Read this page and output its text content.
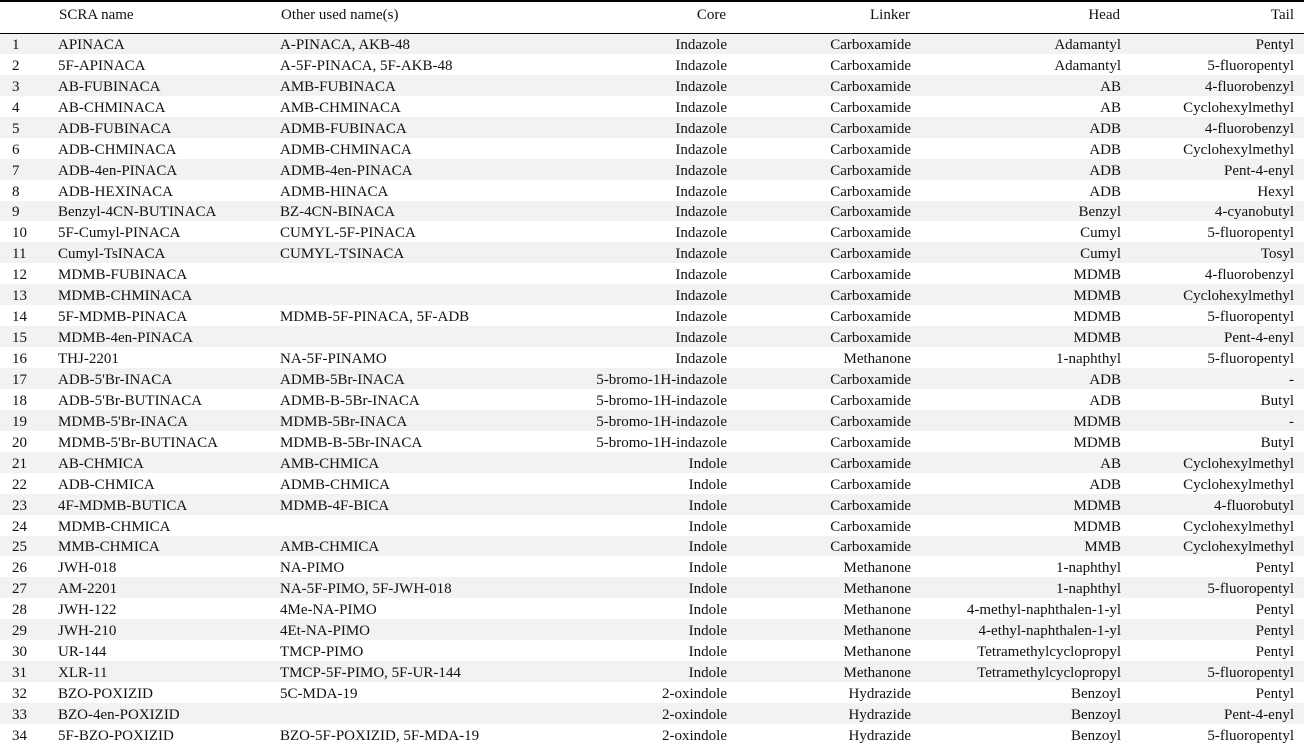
	SCRA name	Other used name(s)	Core	Linker	Head	Tail
1	APINACA	A-PINACA, AKB-48	Indazole	Carboxamide	Adamantyl	Pentyl
2	5F-APINACA	A-5F-PINACA, 5F-AKB-48	Indazole	Carboxamide	Adamantyl	5-fluoropentyl
3	AB-FUBINACA	AMB-FUBINACA	Indazole	Carboxamide	AB	4-fluorobenzyl
4	AB-CHMINACA	AMB-CHMINACA	Indazole	Carboxamide	AB	Cyclohexylmethyl
5	ADB-FUBINACA	ADMB-FUBINACA	Indazole	Carboxamide	ADB	4-fluorobenzyl
6	ADB-CHMINACA	ADMB-CHMINACA	Indazole	Carboxamide	ADB	Cyclohexylmethyl
7	ADB-4en-PINACA	ADMB-4en-PINACA	Indazole	Carboxamide	ADB	Pent-4-enyl
8	ADB-HEXINACA	ADMB-HINACA	Indazole	Carboxamide	ADB	Hexyl
9	Benzyl-4CN-BUTINACA	BZ-4CN-BINACA	Indazole	Carboxamide	Benzyl	4-cyanobutyl
10	5F-Cumyl-PINACA	CUMYL-5F-PINACA	Indazole	Carboxamide	Cumyl	5-fluoropentyl
11	Cumyl-TsINACA	CUMYL-TSINACA	Indazole	Carboxamide	Cumyl	Tosyl
12	MDMB-FUBINACA		Indazole	Carboxamide	MDMB	4-fluorobenzyl
13	MDMB-CHMINACA		Indazole	Carboxamide	MDMB	Cyclohexylmethyl
14	5F-MDMB-PINACA	MDMB-5F-PINACA, 5F-ADB	Indazole	Carboxamide	MDMB	5-fluoropentyl
15	MDMB-4en-PINACA		Indazole	Carboxamide	MDMB	Pent-4-enyl
16	THJ-2201	NA-5F-PINAMO	Indazole	Methanone	1-naphthyl	5-fluoropentyl
17	ADB-5'Br-INACA	ADMB-5Br-INACA	5-bromo-1H-indazole	Carboxamide	ADB	-
18	ADB-5'Br-BUTINACA	ADMB-B-5Br-INACA	5-bromo-1H-indazole	Carboxamide	ADB	Butyl
19	MDMB-5'Br-INACA	MDMB-5Br-INACA	5-bromo-1H-indazole	Carboxamide	MDMB	-
20	MDMB-5'Br-BUTINACA	MDMB-B-5Br-INACA	5-bromo-1H-indazole	Carboxamide	MDMB	Butyl
21	AB-CHMICA	AMB-CHMICA	Indole	Carboxamide	AB	Cyclohexylmethyl
22	ADB-CHMICA	ADMB-CHMICA	Indole	Carboxamide	ADB	Cyclohexylmethyl
23	4F-MDMB-BUTICA	MDMB-4F-BICA	Indole	Carboxamide	MDMB	4-fluorobutyl
24	MDMB-CHMICA		Indole	Carboxamide	MDMB	Cyclohexylmethyl
25	MMB-CHMICA	AMB-CHMICA	Indole	Carboxamide	MMB	Cyclohexylmethyl
26	JWH-018	NA-PIMO	Indole	Methanone	1-naphthyl	Pentyl
27	AM-2201	NA-5F-PIMO, 5F-JWH-018	Indole	Methanone	1-naphthyl	5-fluoropentyl
28	JWH-122	4Me-NA-PIMO	Indole	Methanone	4-methyl-naphthalen-1-yl	Pentyl
29	JWH-210	4Et-NA-PIMO	Indole	Methanone	4-ethyl-naphthalen-1-yl	Pentyl
30	UR-144	TMCP-PIMO	Indole	Methanone	Tetramethylcyclopropyl	Pentyl
31	XLR-11	TMCP-5F-PIMO, 5F-UR-144	Indole	Methanone	Tetramethylcyclopropyl	5-fluoropentyl
32	BZO-POXIZID	5C-MDA-19	2-oxindole	Hydrazide	Benzoyl	Pentyl
33	BZO-4en-POXIZID		2-oxindole	Hydrazide	Benzoyl	Pent-4-enyl
34	5F-BZO-POXIZID	BZO-5F-POXIZID, 5F-MDA-19	2-oxindole	Hydrazide	Benzoyl	5-fluoropentyl
